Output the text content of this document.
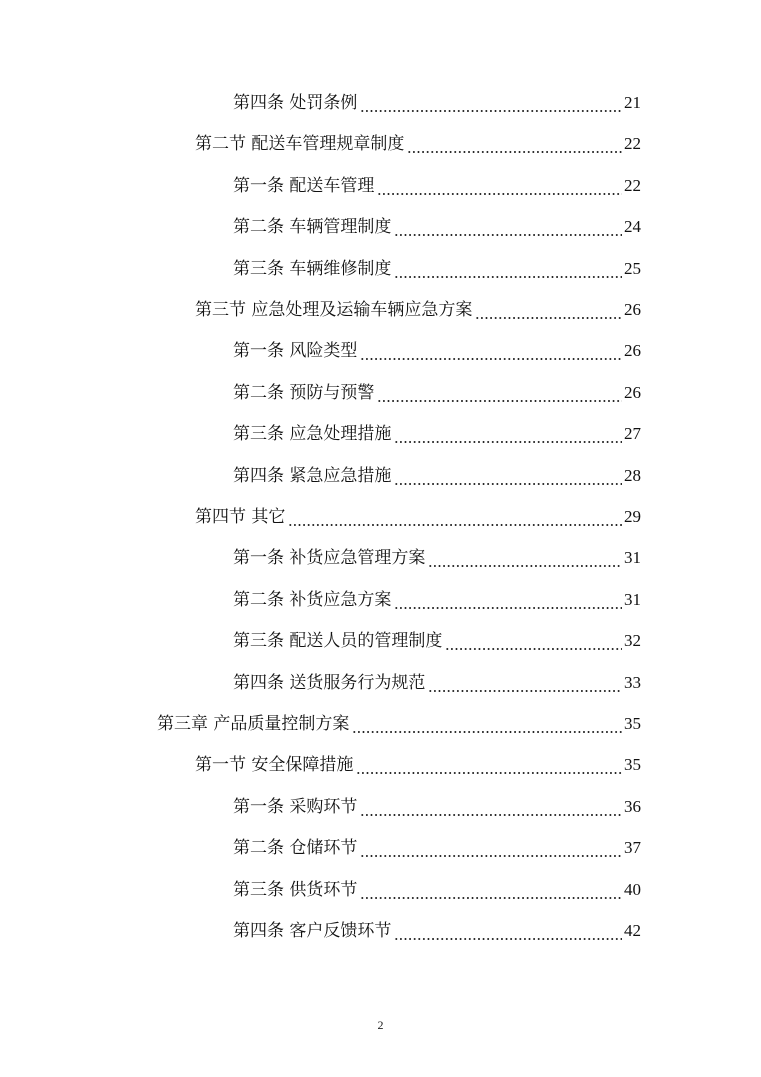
第四条 处罚条例	21
第二节 配送车管理规章制度	22
第一条 配送车管理	22
第二条 车辆管理制度	24
第三条 车辆维修制度	25
第三节 应急处理及运输车辆应急方案	26
第一条 风险类型	26
第二条 预防与预警	26
第三条 应急处理措施	27
第四条 紧急应急措施	28
第四节 其它	29
第一条 补货应急管理方案	31
第二条 补货应急方案	31
第三条 配送人员的管理制度	32
第四条 送货服务行为规范	33
第三章 产品质量控制方案	35
第一节 安全保障措施	35
第一条 采购环节	36
第二条 仓储环节	37
第三条 供货环节	40
第四条 客户反馈环节	42
2
